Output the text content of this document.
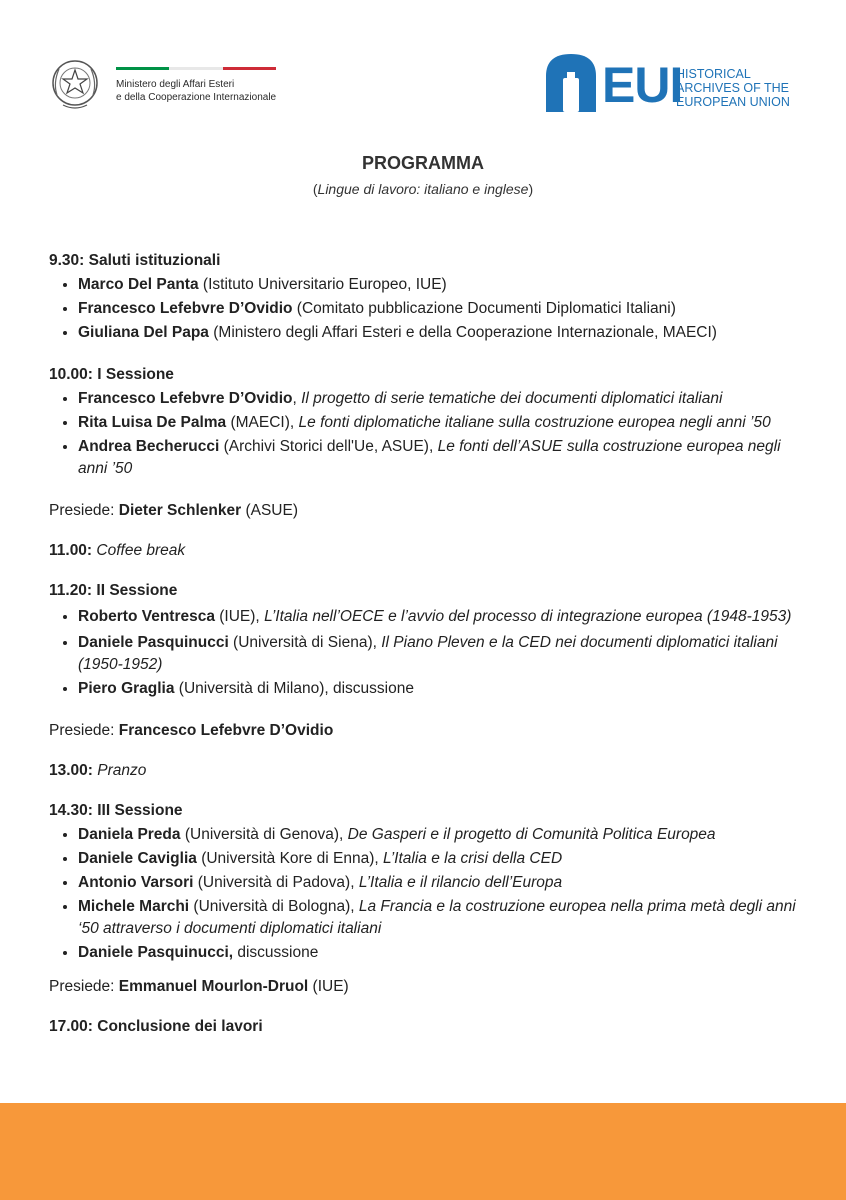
Ministero degli Affari Esteri
e della Cooperazione Internazionale	EUI
HISTORICAL
ARCHIVES OF THE
EUROPEAN UNION
PROGRAMMA
(Lingue di lavoro: italiano e inglese)

9.30: Saluti istituzionali

• Marco Del Panta (Istituto Universitario Europeo, IUE)
• Francesco Lefebvre D’Ovidio (Comitato pubblicazione Documenti Diplomatici Italiani)
• Giuliana Del Papa (Ministero degli Affari Esteri e della Cooperazione Internazionale, MAECI)

10.00: I Sessione

• Francesco Lefebvre D’Ovidio, Il progetto di serie tematiche dei documenti diplomatici italiani
• Rita Luisa De Palma (MAECI), Le fonti diplomatiche italiane sulla costruzione europea negli anni ’50
• Andrea Becherucci (Archivi Storici dell'Ue, ASUE), Le fonti dell’ASUE sulla costruzione europea negli anni ’50

Presiede: Dieter Schlenker (ASUE)

11.00: Coffee break

11.20: II Sessione

• Roberto Ventresca (IUE), L’Italia nell’OECE e l’avvio del processo di integrazione europea (1948-1953)
• Daniele Pasquinucci (Università di Siena), Il Piano Pleven e la CED nei documenti diplomatici italiani (1950-1952)
• Piero Graglia (Università di Milano), discussione

Presiede: Francesco Lefebvre D’Ovidio

13.00: Pranzo

14.30: III Sessione

• Daniela Preda (Università di Genova), De Gasperi e il progetto di Comunità Politica Europea
• Daniele Caviglia (Università Kore di Enna), L’Italia e la crisi della CED
• Antonio Varsori (Università di Padova), L’Italia e il rilancio dell’Europa
• Michele Marchi (Università di Bologna), La Francia e la costruzione europea nella prima metà degli anni ‘50 attraverso i documenti diplomatici italiani
• Daniele Pasquinucci, discussione

Presiede: Emmanuel Mourlon-Druol (IUE)

17.00: Conclusione dei lavori
